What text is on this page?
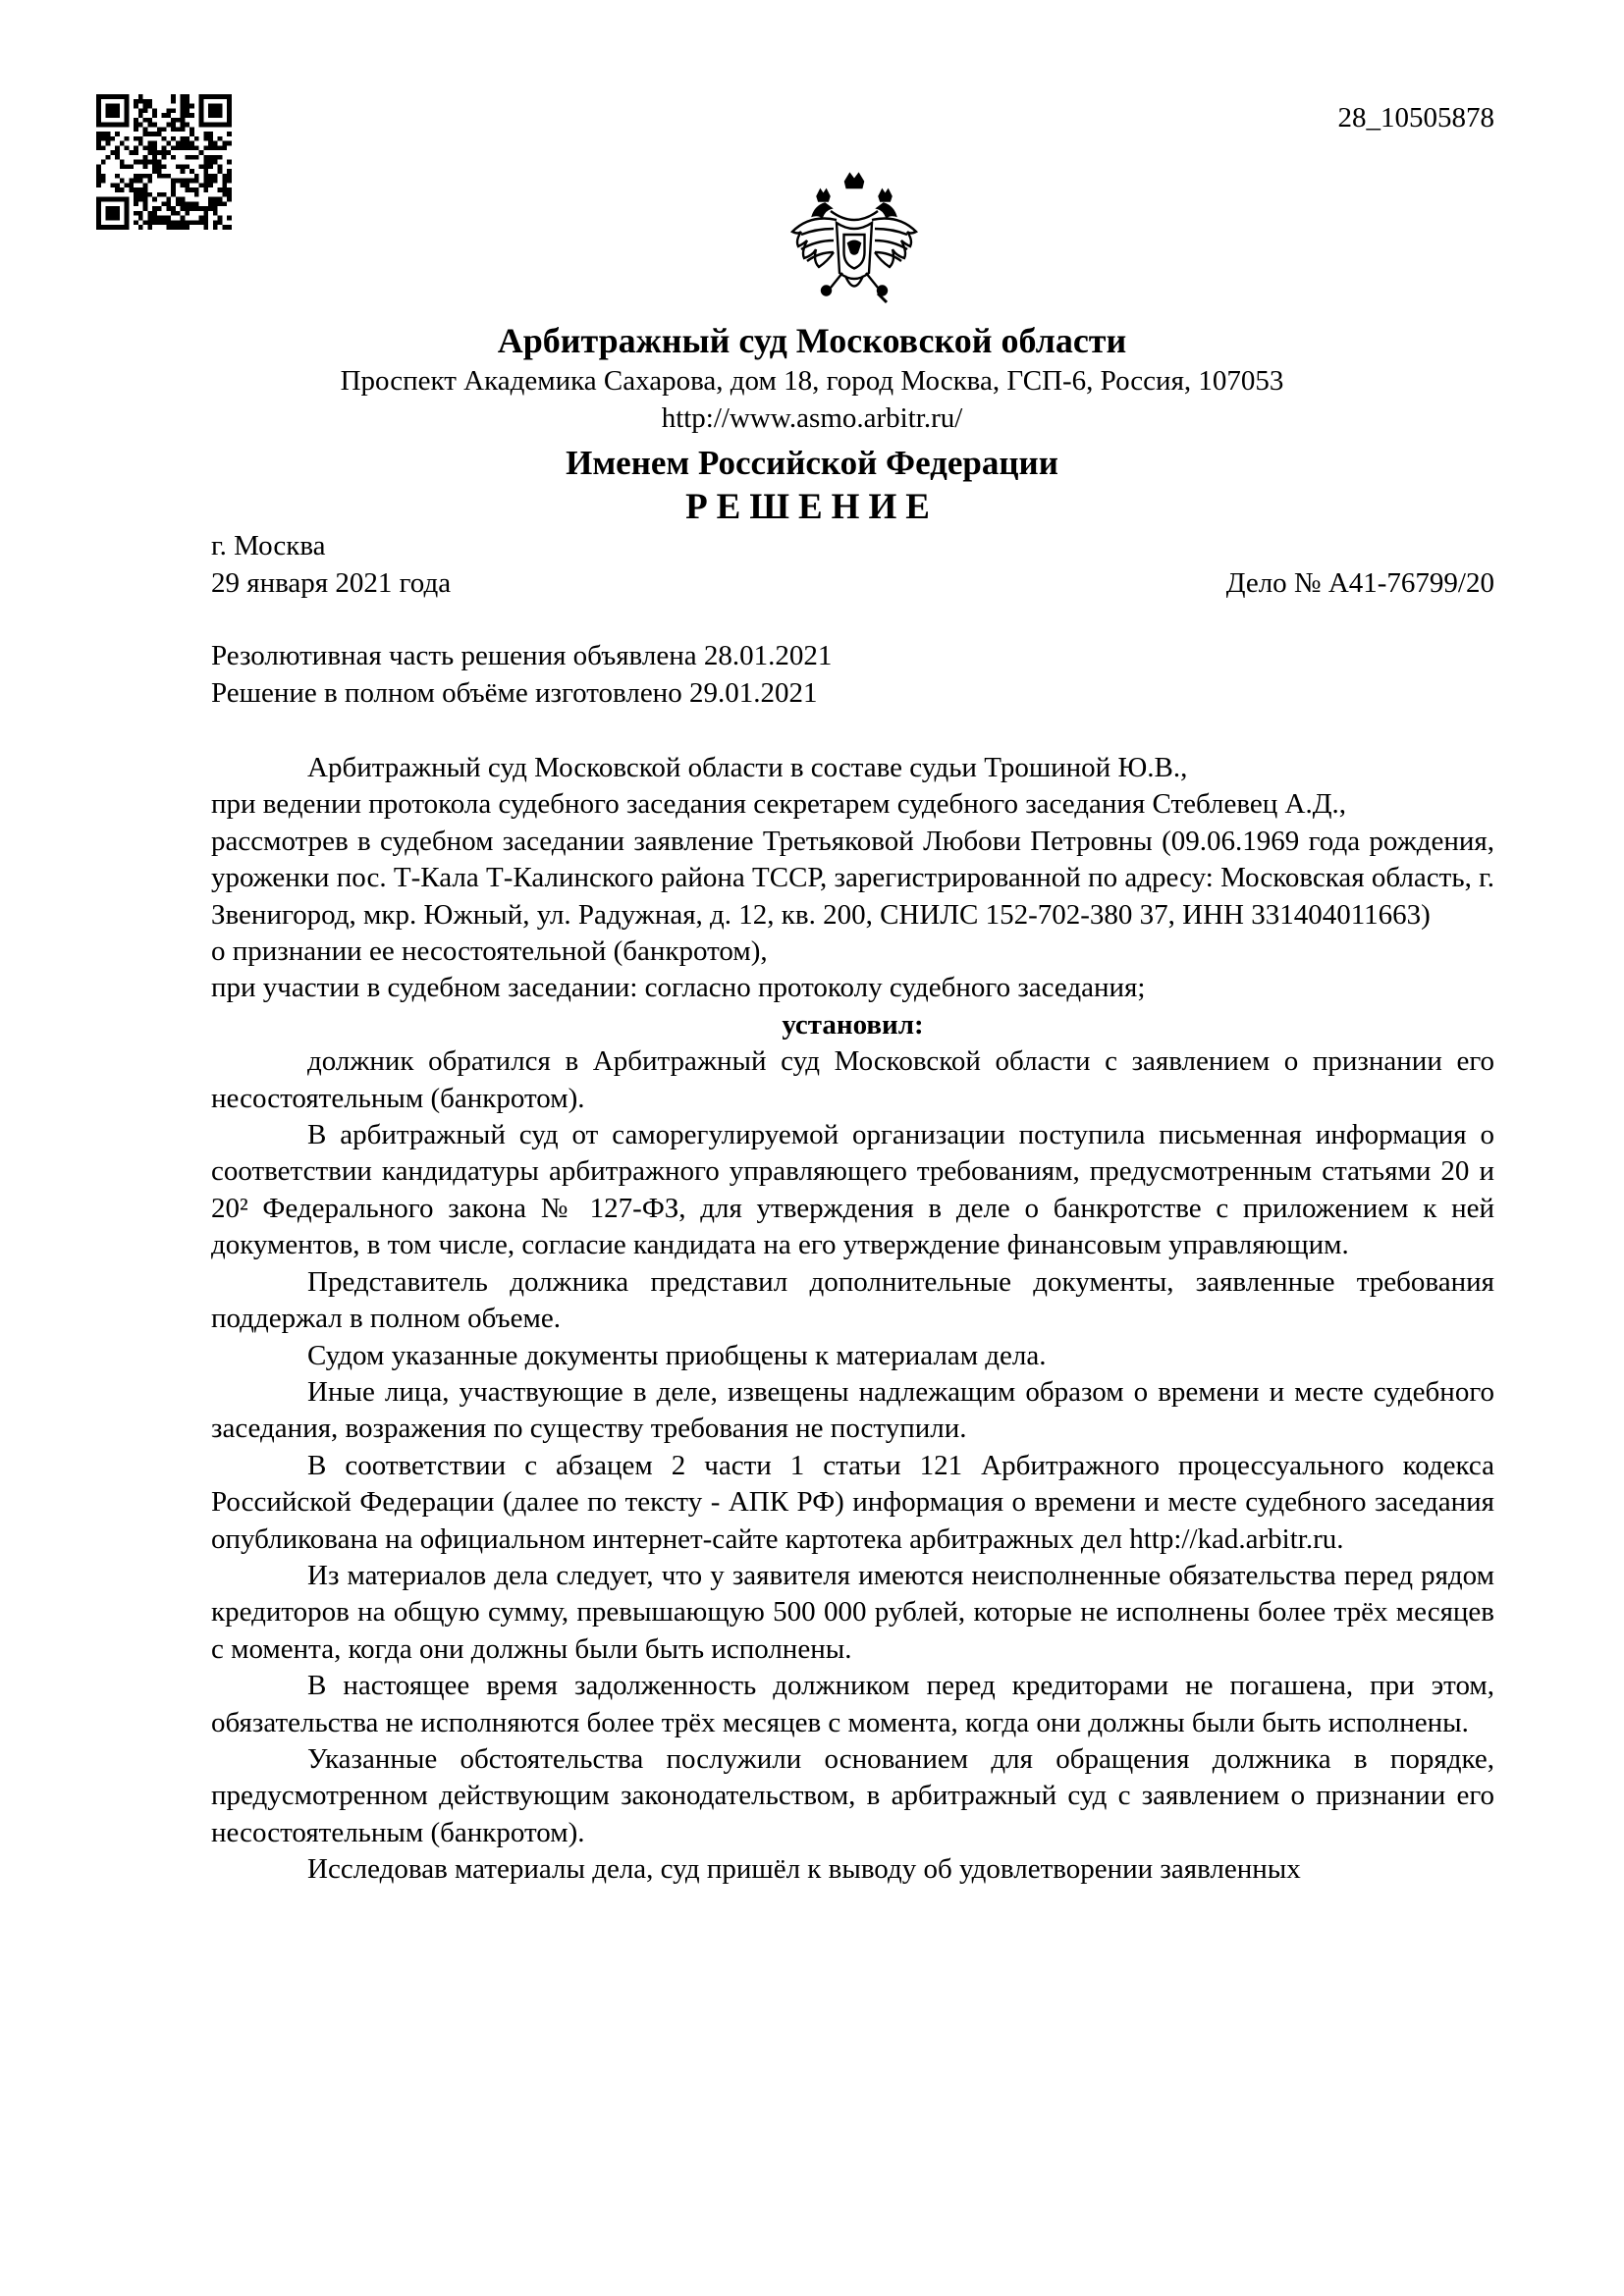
28_10505878
Арбитражный суд Московской области
Проспект Академика Сахарова, дом 18, город Москва, ГСП-6, Россия, 107053
http://www.asmo.arbitr.ru/
Именем Российской Федерации
РЕШЕНИЕ
г. Москва
29 января 2021 года	Дело № А41-76799/20
Резолютивная часть решения объявлена 28.01.2021
Решение в полном объёме изготовлено 29.01.2021

Арбитражный суд Московской области в составе судьи Трошиной Ю.В.,

при ведении протокола судебного заседания секретарем судебного заседания Стеблевец А.Д.,

рассмотрев в судебном заседании заявление Третьяковой Любови Петровны (09.06.1969 года рождения, уроженки пос. Т-Кала Т-Калинского района ТССР, зарегистрированной по адресу: Московская область, г. Звенигород, мкр. Южный, ул. Радужная, д. 12, кв. 200, СНИЛС 152-702-380 37, ИНН 331404011663)

о признании ее несостоятельной (банкротом),

при участии в судебном заседании: согласно протоколу судебного заседания;

установил:

должник обратился в Арбитражный суд Московской области с заявлением о признании его несостоятельным (банкротом).

В арбитражный суд от саморегулируемой организации поступила письменная информация о соответствии кандидатуры арбитражного управляющего требованиям, предусмотренным статьями 20 и 20² Федерального закона № 127-ФЗ, для утверждения в деле о банкротстве с приложением к ней документов, в том числе, согласие кандидата на его утверждение финансовым управляющим.

Представитель должника представил дополнительные документы, заявленные требования поддержал в полном объеме.

Судом указанные документы приобщены к материалам дела.

Иные лица, участвующие в деле, извещены надлежащим образом о времени и месте судебного заседания, возражения по существу требования не поступили.

В соответствии с абзацем 2 части 1 статьи 121 Арбитражного процессуального кодекса Российской Федерации (далее по тексту - АПК РФ) информация о времени и месте судебного заседания опубликована на официальном интернет-сайте картотека арбитражных дел http://kad.arbitr.ru.

Из материалов дела следует, что у заявителя имеются неисполненные обязательства перед рядом кредиторов на общую сумму, превышающую 500 000 рублей, которые не исполнены более трёх месяцев с момента, когда они должны были быть исполнены.

В настоящее время задолженность должником перед кредиторами не погашена, при этом, обязательства не исполняются более трёх месяцев с момента, когда они должны были быть исполнены.

Указанные обстоятельства послужили основанием для обращения должника в порядке, предусмотренном действующим законодательством, в арбитражный суд с заявлением о признании его несостоятельным (банкротом).

Исследовав материалы дела, суд пришёл к выводу об удовлетворении заявленных
